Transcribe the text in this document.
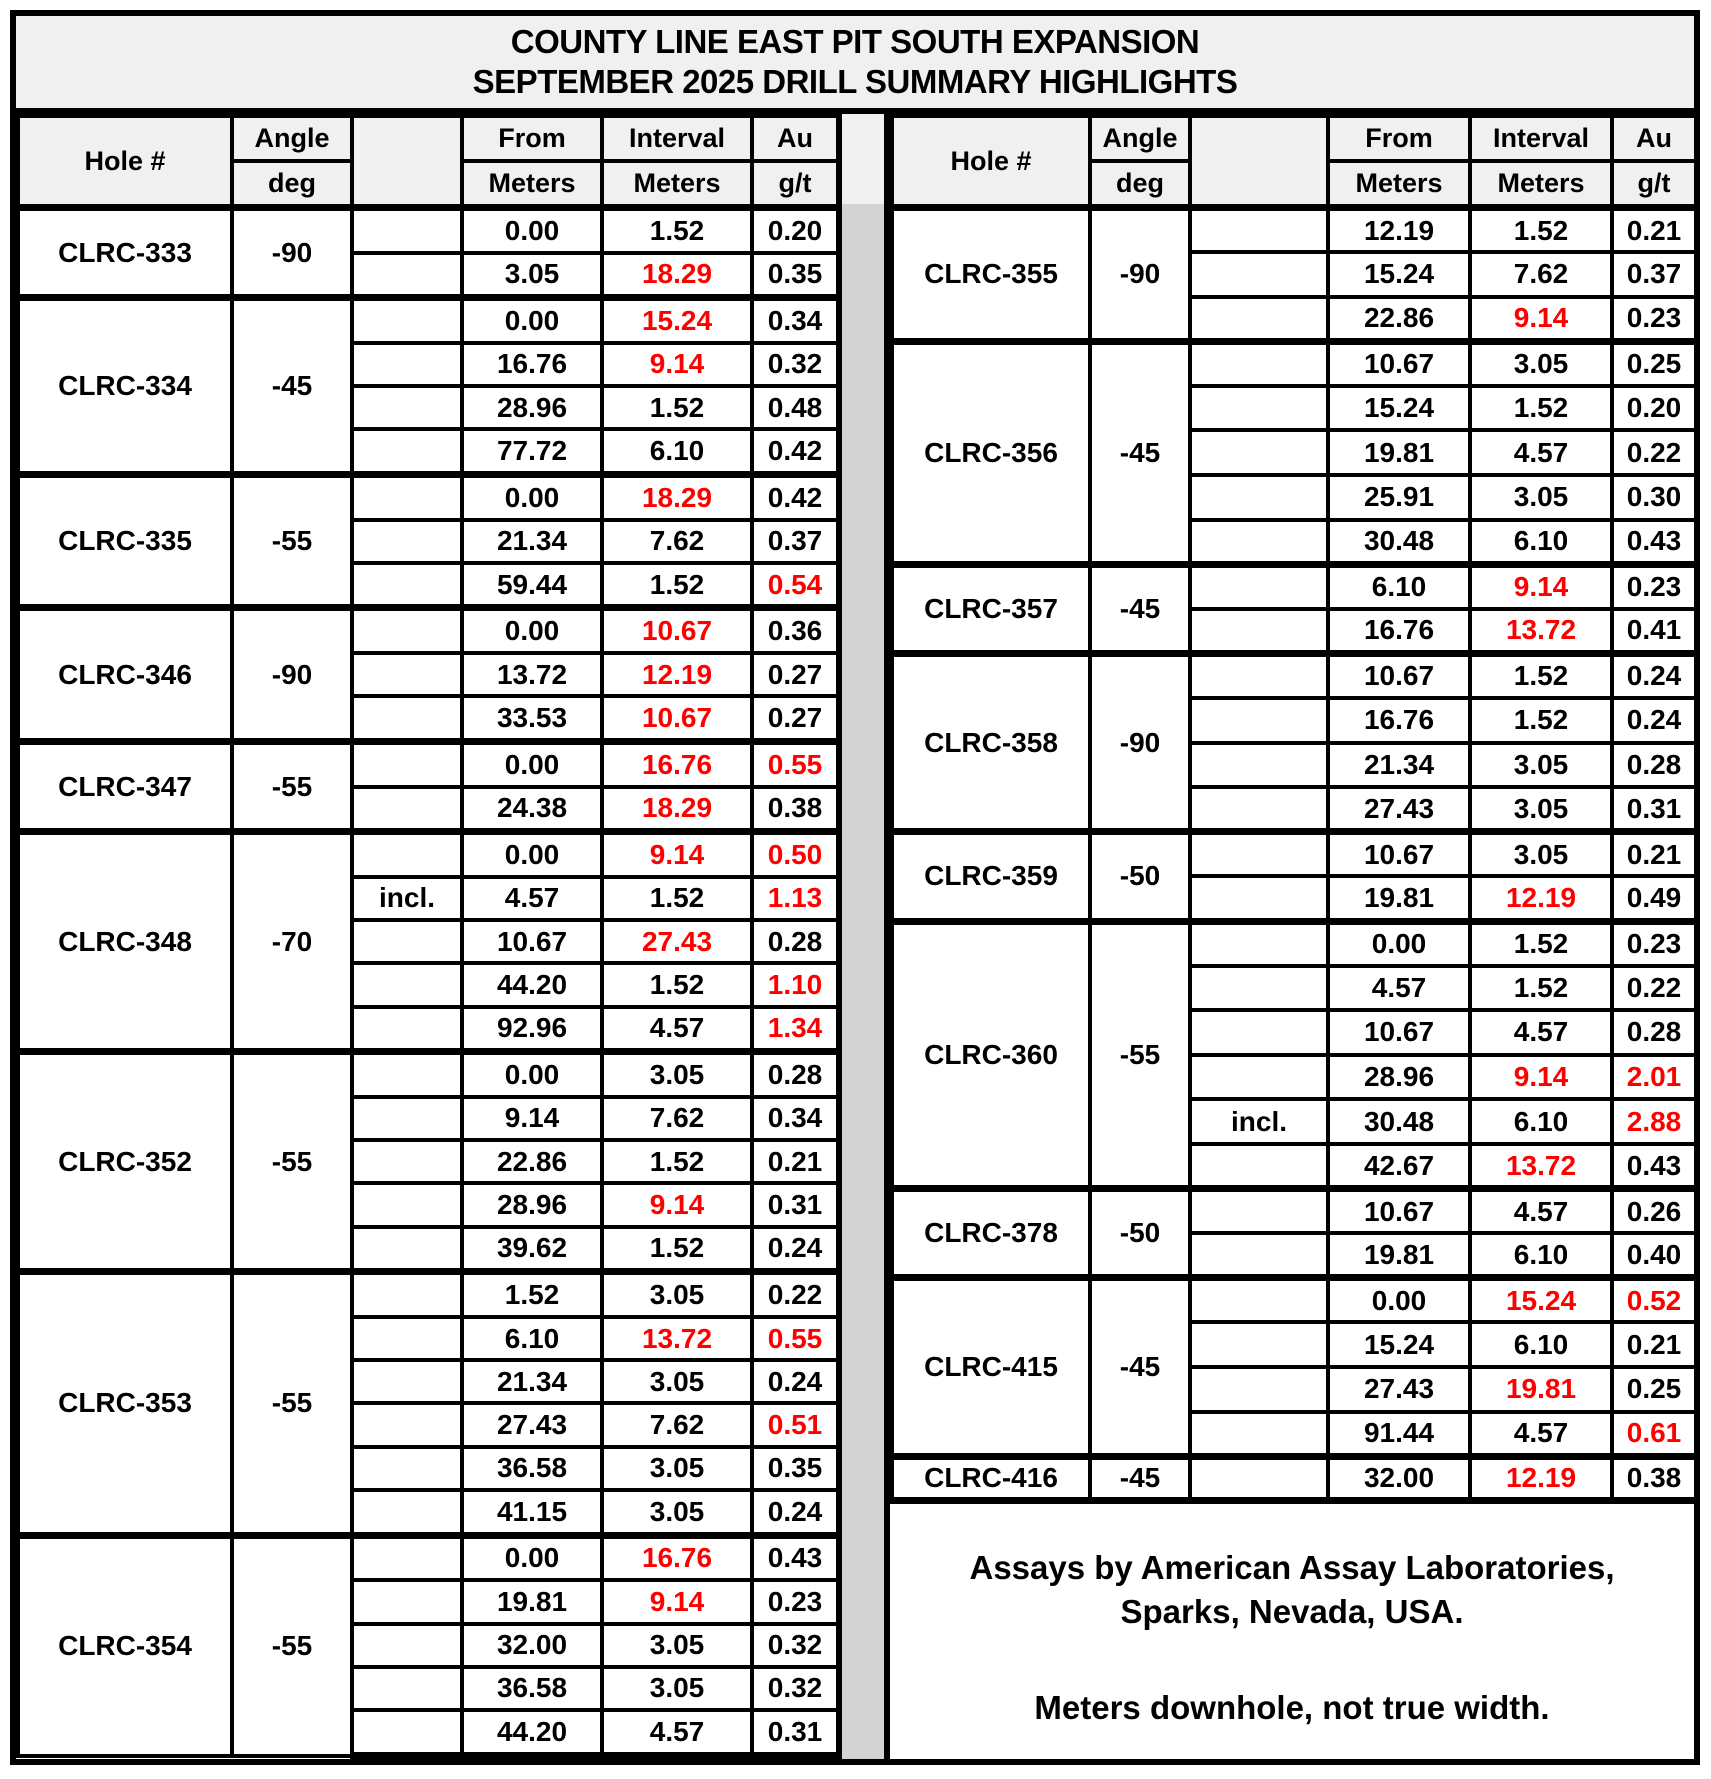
COUNTY LINE EAST PIT SOUTH EXPANSION
SEPTEMBER 2025 DRILL SUMMARY HIGHLIGHTS
Hole #	Angle		From	Interval	Au
	deg		Meters	Meters	g/t
CLRC-333	-90		0.00	1.52	0.20
			3.05	18.29	0.35
CLRC-334	-45		0.00	15.24	0.34
			16.76	9.14	0.32
			28.96	1.52	0.48
			77.72	6.10	0.42
CLRC-335	-55		0.00	18.29	0.42
			21.34	7.62	0.37
			59.44	1.52	0.54
CLRC-346	-90		0.00	10.67	0.36
			13.72	12.19	0.27
			33.53	10.67	0.27
CLRC-347	-55		0.00	16.76	0.55
			24.38	18.29	0.38
CLRC-348	-70		0.00	9.14	0.50
		incl.	4.57	1.52	1.13
			10.67	27.43	0.28
			44.20	1.52	1.10
			92.96	4.57	1.34
CLRC-352	-55		0.00	3.05	0.28
			9.14	7.62	0.34
			22.86	1.52	0.21
			28.96	9.14	0.31
			39.62	1.52	0.24
CLRC-353	-55		1.52	3.05	0.22
			6.10	13.72	0.55
			21.34	3.05	0.24
			27.43	7.62	0.51
			36.58	3.05	0.35
			41.15	3.05	0.24
CLRC-354	-55		0.00	16.76	0.43
			19.81	9.14	0.23
			32.00	3.05	0.32
			36.58	3.05	0.32
			44.20	4.57	0.31
Hole #	Angle		From	Interval	Au
	deg		Meters	Meters	g/t
CLRC-355	-90		12.19	1.52	0.21
			15.24	7.62	0.37
			22.86	9.14	0.23
CLRC-356	-45		10.67	3.05	0.25
			15.24	1.52	0.20
			19.81	4.57	0.22
			25.91	3.05	0.30
			30.48	6.10	0.43
CLRC-357	-45		6.10	9.14	0.23
			16.76	13.72	0.41
CLRC-358	-90		10.67	1.52	0.24
			16.76	1.52	0.24
			21.34	3.05	0.28
			27.43	3.05	0.31
CLRC-359	-50		10.67	3.05	0.21
			19.81	12.19	0.49
CLRC-360	-55		0.00	1.52	0.23
			4.57	1.52	0.22
			10.67	4.57	0.28
			28.96	9.14	2.01
		incl.	30.48	6.10	2.88
			42.67	13.72	0.43
CLRC-378	-50		10.67	4.57	0.26
			19.81	6.10	0.40
CLRC-415	-45		0.00	15.24	0.52
			15.24	6.10	0.21
			27.43	19.81	0.25
			91.44	4.57	0.61
CLRC-416	-45		32.00	12.19	0.38
Assays by American Assay Laboratories,
Sparks, Nevada, USA.
Meters downhole, not true width.
